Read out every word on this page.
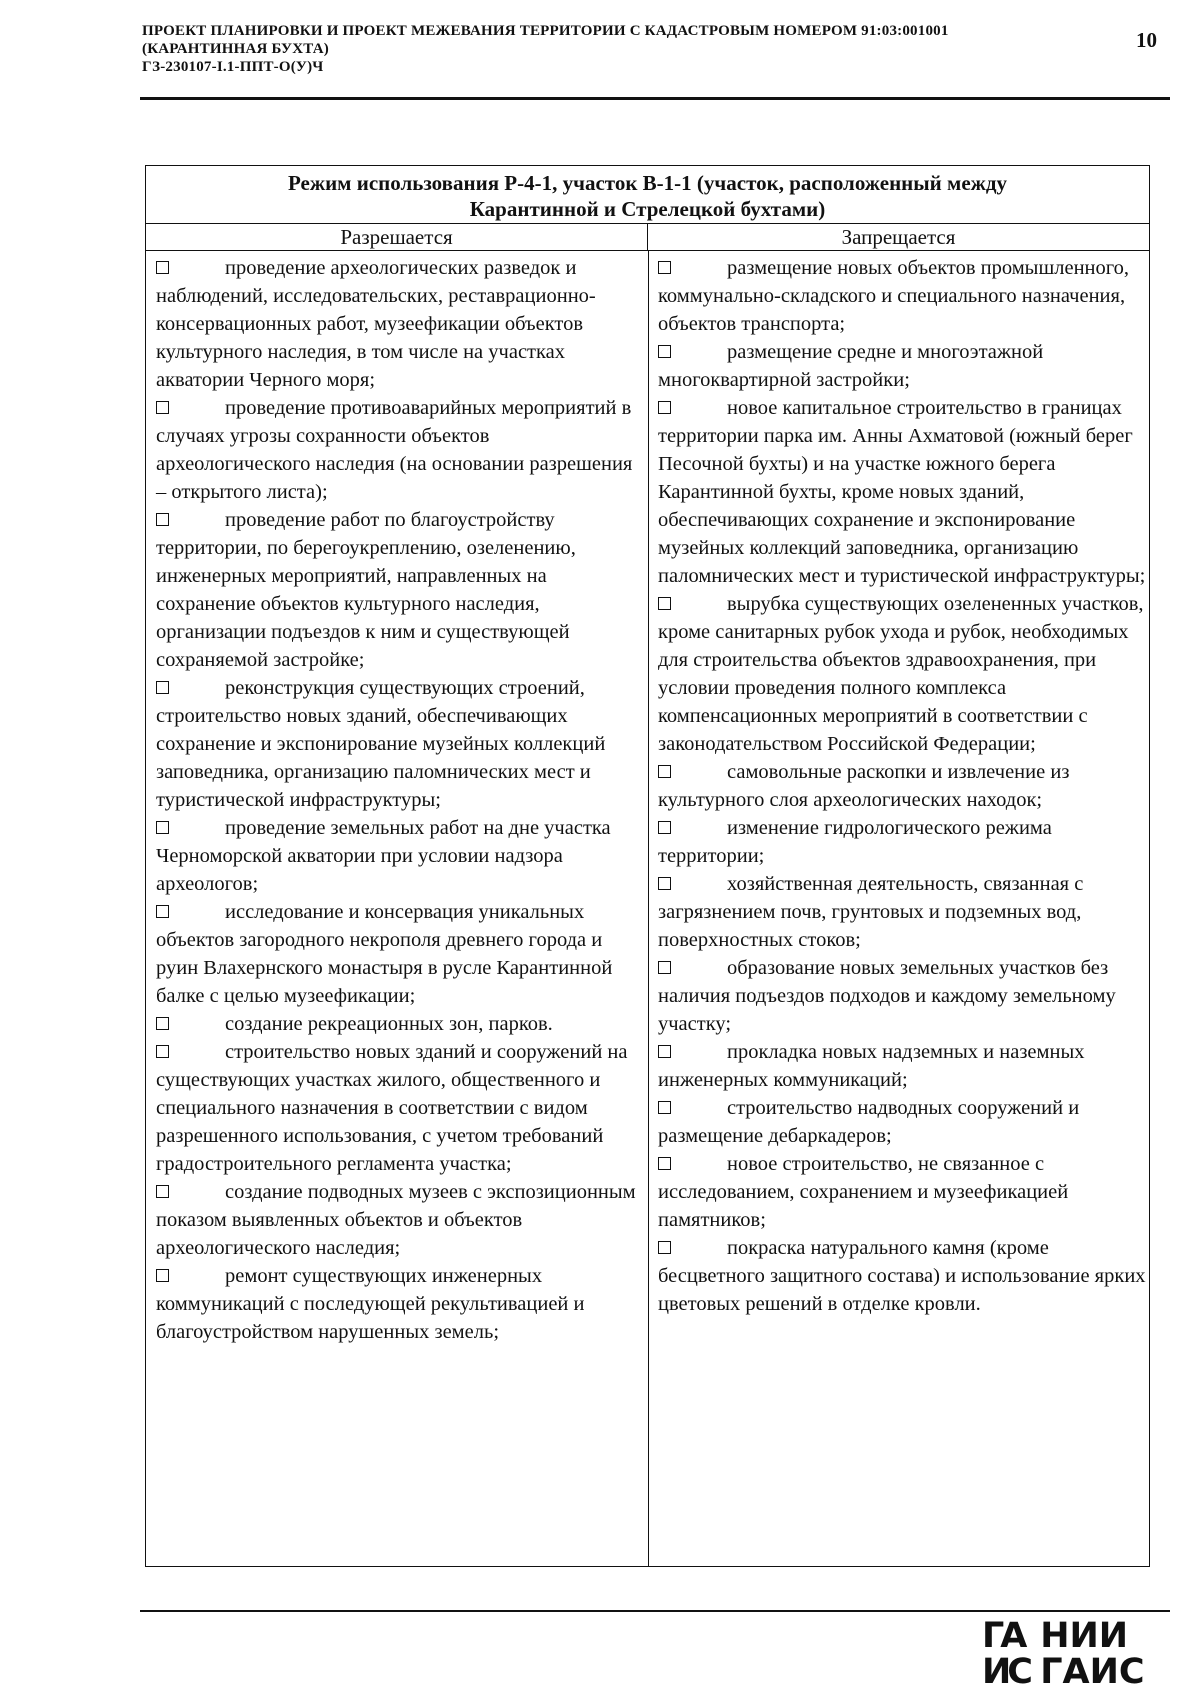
ПРОЕКТ ПЛАНИРОВКИ И ПРОЕКТ МЕЖЕВАНИЯ ТЕРРИТОРИИ С КАДАСТРОВЫМ НОМЕРОМ 91:03:001001
(КАРАНТИННАЯ БУХТА)
ГЗ-230107-I.1-ППТ-О(У)Ч
10
Режим использования Р-4-1, участок В-1-1 (участок, расположенный между
Карантинной и Стрелецкой бухтами)
Разрешается	Запрещается

проведение археологических разведок и наблюдений, исследовательских, реставрационно-консервационных работ, музеефикации объектов культурного наследия, в том числе на участках акватории Черного моря;

проведение противоаварийных мероприятий в случаях угрозы сохранности объектов археологического наследия (на основании разрешения – открытого листа);

проведение работ по благоустройству территории, по берегоукреплению, озеленению, инженерных мероприятий, направленных на сохранение объектов культурного наследия, организации подъездов к ним и существующей сохраняемой застройке;

реконструкция существующих строений, строительство новых зданий, обеспечивающих сохранение и экспонирование музейных коллекций заповедника, организацию паломнических мест и туристической инфраструктуры;

проведение земельных работ на дне участка Черноморской акватории при условии надзора археологов;

исследование и консервация уникальных объектов загородного некрополя древнего города и руин Влахернского монастыря в русле Карантинной балке с целью музеефикации;

создание рекреационных зон, парков.

строительство новых зданий и сооружений на существующих участках жилого, общественного и специального назначения в соответствии с видом разрешенного использования, с учетом требований градостроительного регламента участка;

создание подводных музеев с экспозиционным показом выявленных объектов и объектов археологического наследия;

ремонт существующих инженерных коммуникаций с последующей рекультивацией и благоустройством нарушенных земель;

размещение новых объектов промышленного, коммунально-складского и специального назначения, объектов транспорта;

размещение средне и многоэтажной многоквартирной застройки;

новое капитальное строительство в границах территории парка им. Анны Ахматовой (южный берег Песочной бухты) и на участке южного берега Карантинной бухты, кроме новых зданий, обеспечивающих сохранение и экспонирование музейных коллекций заповедника, организацию паломнических мест и туристической инфраструктуры;

вырубка существующих озелененных участков, кроме санитарных рубок ухода и рубок, необходимых для строительства объектов здравоохранения, при условии проведения полного комплекса компенсационных мероприятий в соответствии с законодательством Российской Федерации;

самовольные раскопки и извлечение из культурного слоя археологических находок;

изменение гидрологического режима территории;

хозяйственная деятельность, связанная с загрязнением почв, грунтовых и подземных вод, поверхностных стоков;

образование новых земельных участков без наличия подъездов подходов и каждому земельному участку;

прокладка новых надземных и наземных инженерных коммуникаций;

строительство надводных сооружений и размещение дебаркадеров;

новое строительство, не связанное с исследованием, сохранением и музеефикацией памятников;

покраска натурального камня (кроме бесцветного защитного состава) и использование ярких цветовых решений в отделке кровли.

ГА НИИ
ИС ГАИС
